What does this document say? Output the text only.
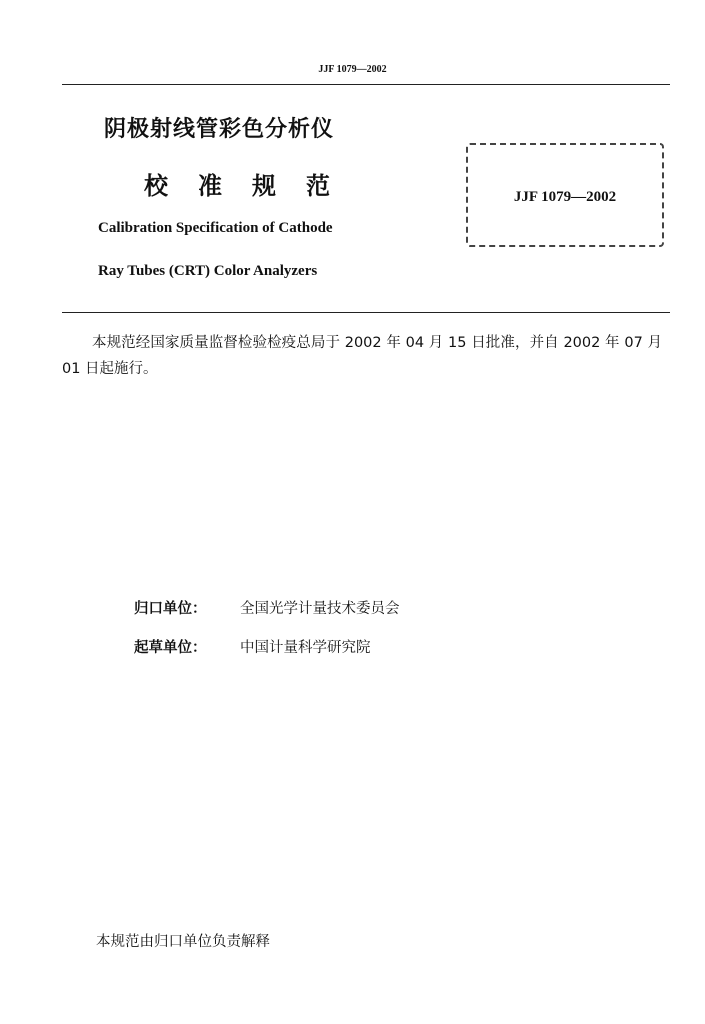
JJF 1079—2002
阴极射线管彩色分析仪
校准规范
Calibration Specification of Cathode
Ray Tubes (CRT) Color Analyzers
JJF 1079—2002
本规范经国家质量监督检验检疫总局于 2002 年 04 月 15 日批准，并自 2002 年 07 月 01 日起施行。
归口单位： 全国光学计量技术委员会
起草单位： 中国计量科学研究院
本规范由归口单位负责解释
